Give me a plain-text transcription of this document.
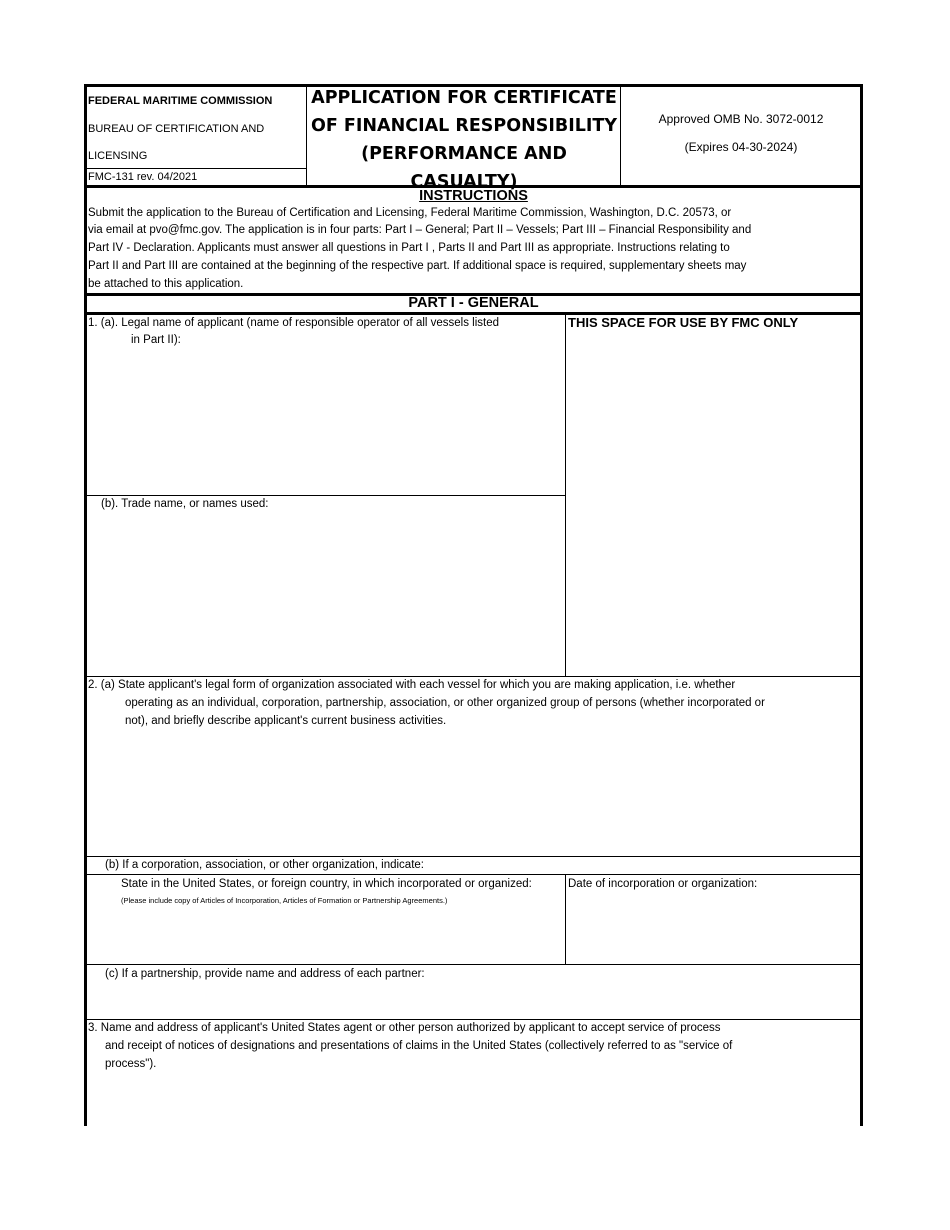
FEDERAL MARITIME COMMISSION
BUREAU OF CERTIFICATION AND
LICENSING
FMC-131 rev. 04/2021
APPLICATION FOR CERTIFICATE
OF FINANCIAL RESPONSIBILITY
(PERFORMANCE AND CASUALTY)
Approved OMB No. 3072-0012
(Expires 04-30-2024)
INSTRUCTIONS
Submit the application to the Bureau of Certification and Licensing, Federal Maritime Commission, Washington, D.C. 20573, or
via email at pvo@fmc.gov. The application is in four parts: Part I – General; Part II – Vessels; Part III – Financial Responsibility and
Part IV - Declaration. Applicants must answer all questions in Part I , Parts II and Part III as appropriate. Instructions relating to
Part II and Part III are contained at the beginning of the respective part. If additional space is required, supplementary sheets may
be attached to this application.
PART I - GENERAL
1. (a). Legal name of applicant (name of responsible operator of all vessels listed
in Part II):
THIS SPACE FOR USE BY FMC ONLY
(b). Trade name, or names used:
2. (a) State applicant's legal form of organization associated with each vessel for which you are making application, i.e. whether
operating as an individual, corporation, partnership, association, or other organized group of persons (whether incorporated or
not), and briefly describe applicant's current business activities.
(b) If a corporation, association, or other organization, indicate:
State in the United States, or foreign country, in which incorporated or organized:
(Please include copy of Articles of Incorporation, Articles of Formation or Partnership Agreements.)
Date of incorporation or organization:
(c) If a partnership, provide name and address of each partner:
3. Name and address of applicant's United States agent or other person authorized by applicant to accept service of process
and receipt of notices of designations and presentations of claims in the United States (collectively referred to as "service of
process").
